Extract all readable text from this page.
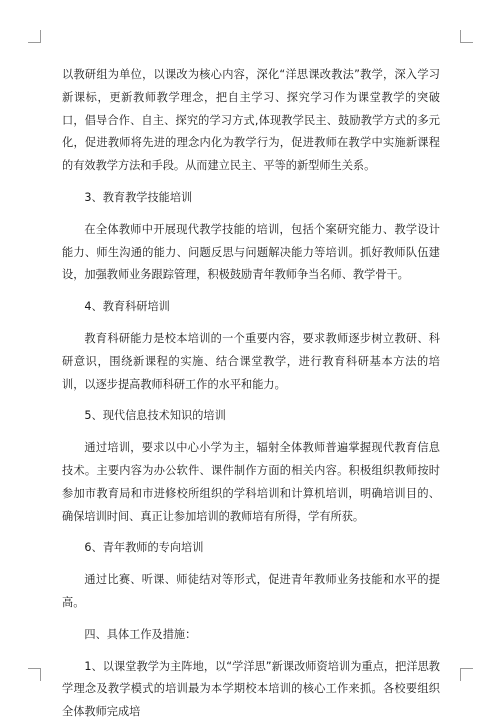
以教研组为单位，以课改为核心内容，深化“洋思课改教法”教学，深入学习新课标，更新教师教学理念，把自主学习、探究学习作为课堂教学的突破口，倡导合作、自主、探究的学习方式,体现教学民主、鼓励教学方式的多元化，促进教师将先进的理念内化为教学行为，促进教师在教学中实施新课程的有效教学方法和手段。从而建立民主、平等的新型师生关系。

3、教育教学技能培训

在全体教师中开展现代教学技能的培训，包括个案研究能力、教学设计能力、师生沟通的能力、问题反思与问题解决能力等培训。抓好教师队伍建设，加强教师业务跟踪管理，积极鼓励青年教师争当名师、教学骨干。

4、教育科研培训

教育科研能力是校本培训的一个重要内容，要求教师逐步树立教研、科研意识，围绕新课程的实施、结合课堂教学，进行教育科研基本方法的培训，以逐步提高教师科研工作的水平和能力。

5、现代信息技术知识的培训

通过培训，要求以中心小学为主，辐射全体教师普遍掌握现代教育信息技术。主要内容为办公软件、课件制作方面的相关内容。积极组织教师按时参加市教育局和市进修校所组织的学科培训和计算机培训，明确培训目的、确保培训时间、真正让参加培训的教师培有所得，学有所获。

6、青年教师的专向培训

通过比赛、听课、师徒结对等形式，促进青年教师业务技能和水平的提高。

四、具体工作及措施：

1、以课堂教学为主阵地，以“学洋思”新课改师资培训为重点，把洋思教学理念及教学模式的培训最为本学期校本培训的核心工作来抓。各校要组织全体教师完成培
